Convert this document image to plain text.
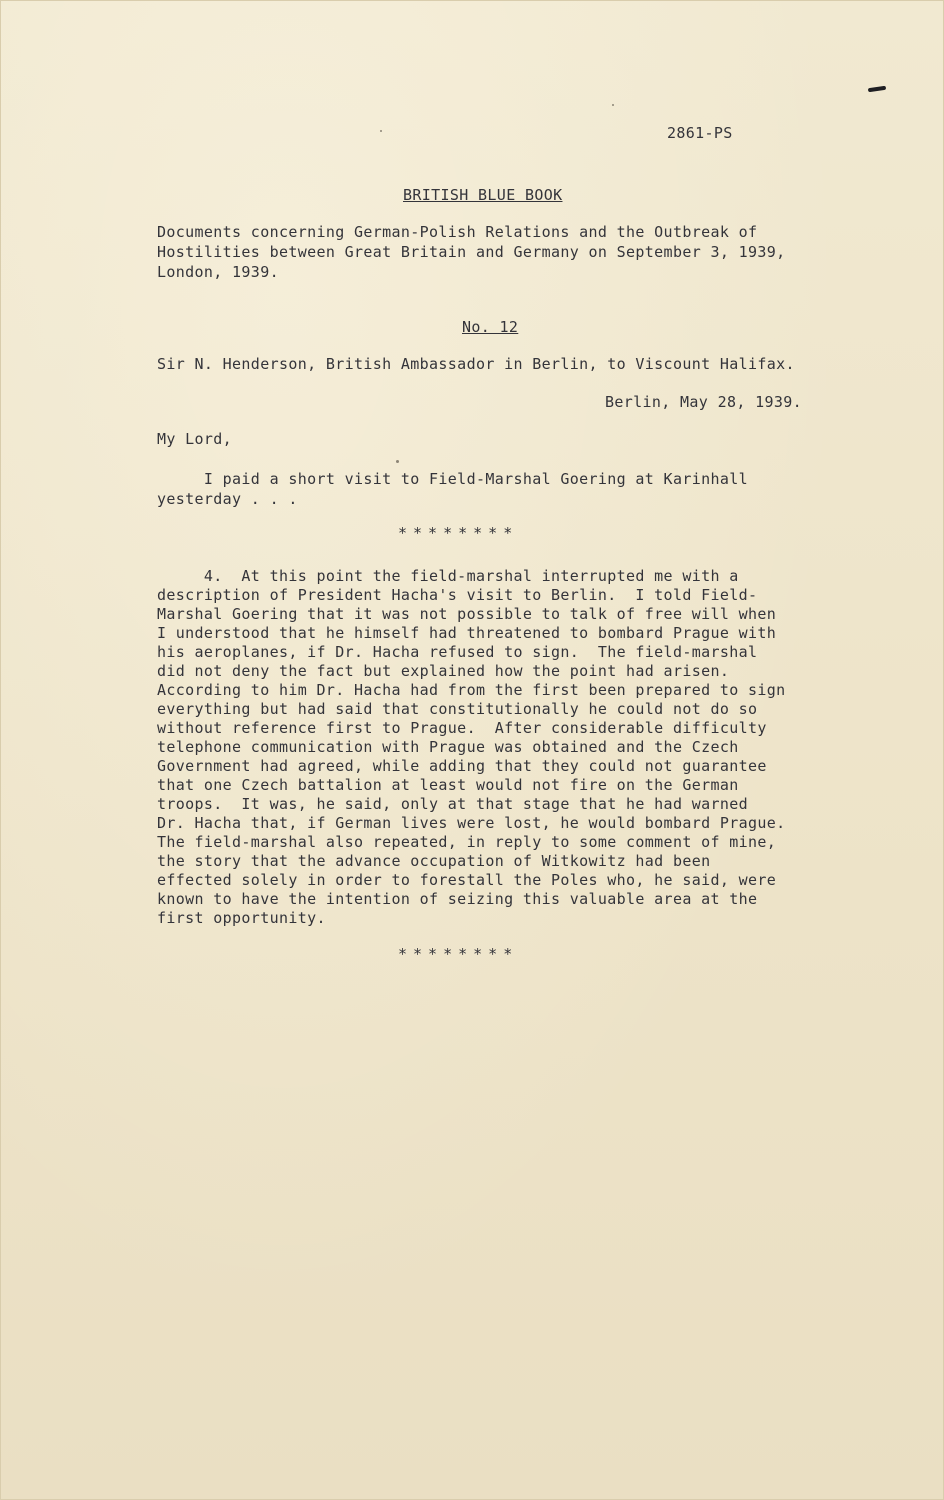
2861-PS
BRITISH BLUE BOOK
Documents concerning German-Polish Relations and the Outbreak of
Hostilities between Great Britain and Germany on September 3, 1939,
London, 1939.
No. 12
Sir N. Henderson, British Ambassador in Berlin, to Viscount Halifax.
Berlin, May 28, 1939.
My Lord,
I paid a short visit to Field-Marshal Goering at Karinhall
yesterday . . .
********
4.  At this point the field-marshal interrupted me with a
description of President Hacha's visit to Berlin.  I told Field-
Marshal Goering that it was not possible to talk of free will when
I understood that he himself had threatened to bombard Prague with
his aeroplanes, if Dr. Hacha refused to sign.  The field-marshal
did not deny the fact but explained how the point had arisen.
According to him Dr. Hacha had from the first been prepared to sign
everything but had said that constitutionally he could not do so
without reference first to Prague.  After considerable difficulty
telephone communication with Prague was obtained and the Czech
Government had agreed, while adding that they could not guarantee
that one Czech battalion at least would not fire on the German
troops.  It was, he said, only at that stage that he had warned
Dr. Hacha that, if German lives were lost, he would bombard Prague.
The field-marshal also repeated, in reply to some comment of mine,
the story that the advance occupation of Witkowitz had been
effected solely in order to forestall the Poles who, he said, were
known to have the intention of seizing this valuable area at the
first opportunity.
********
